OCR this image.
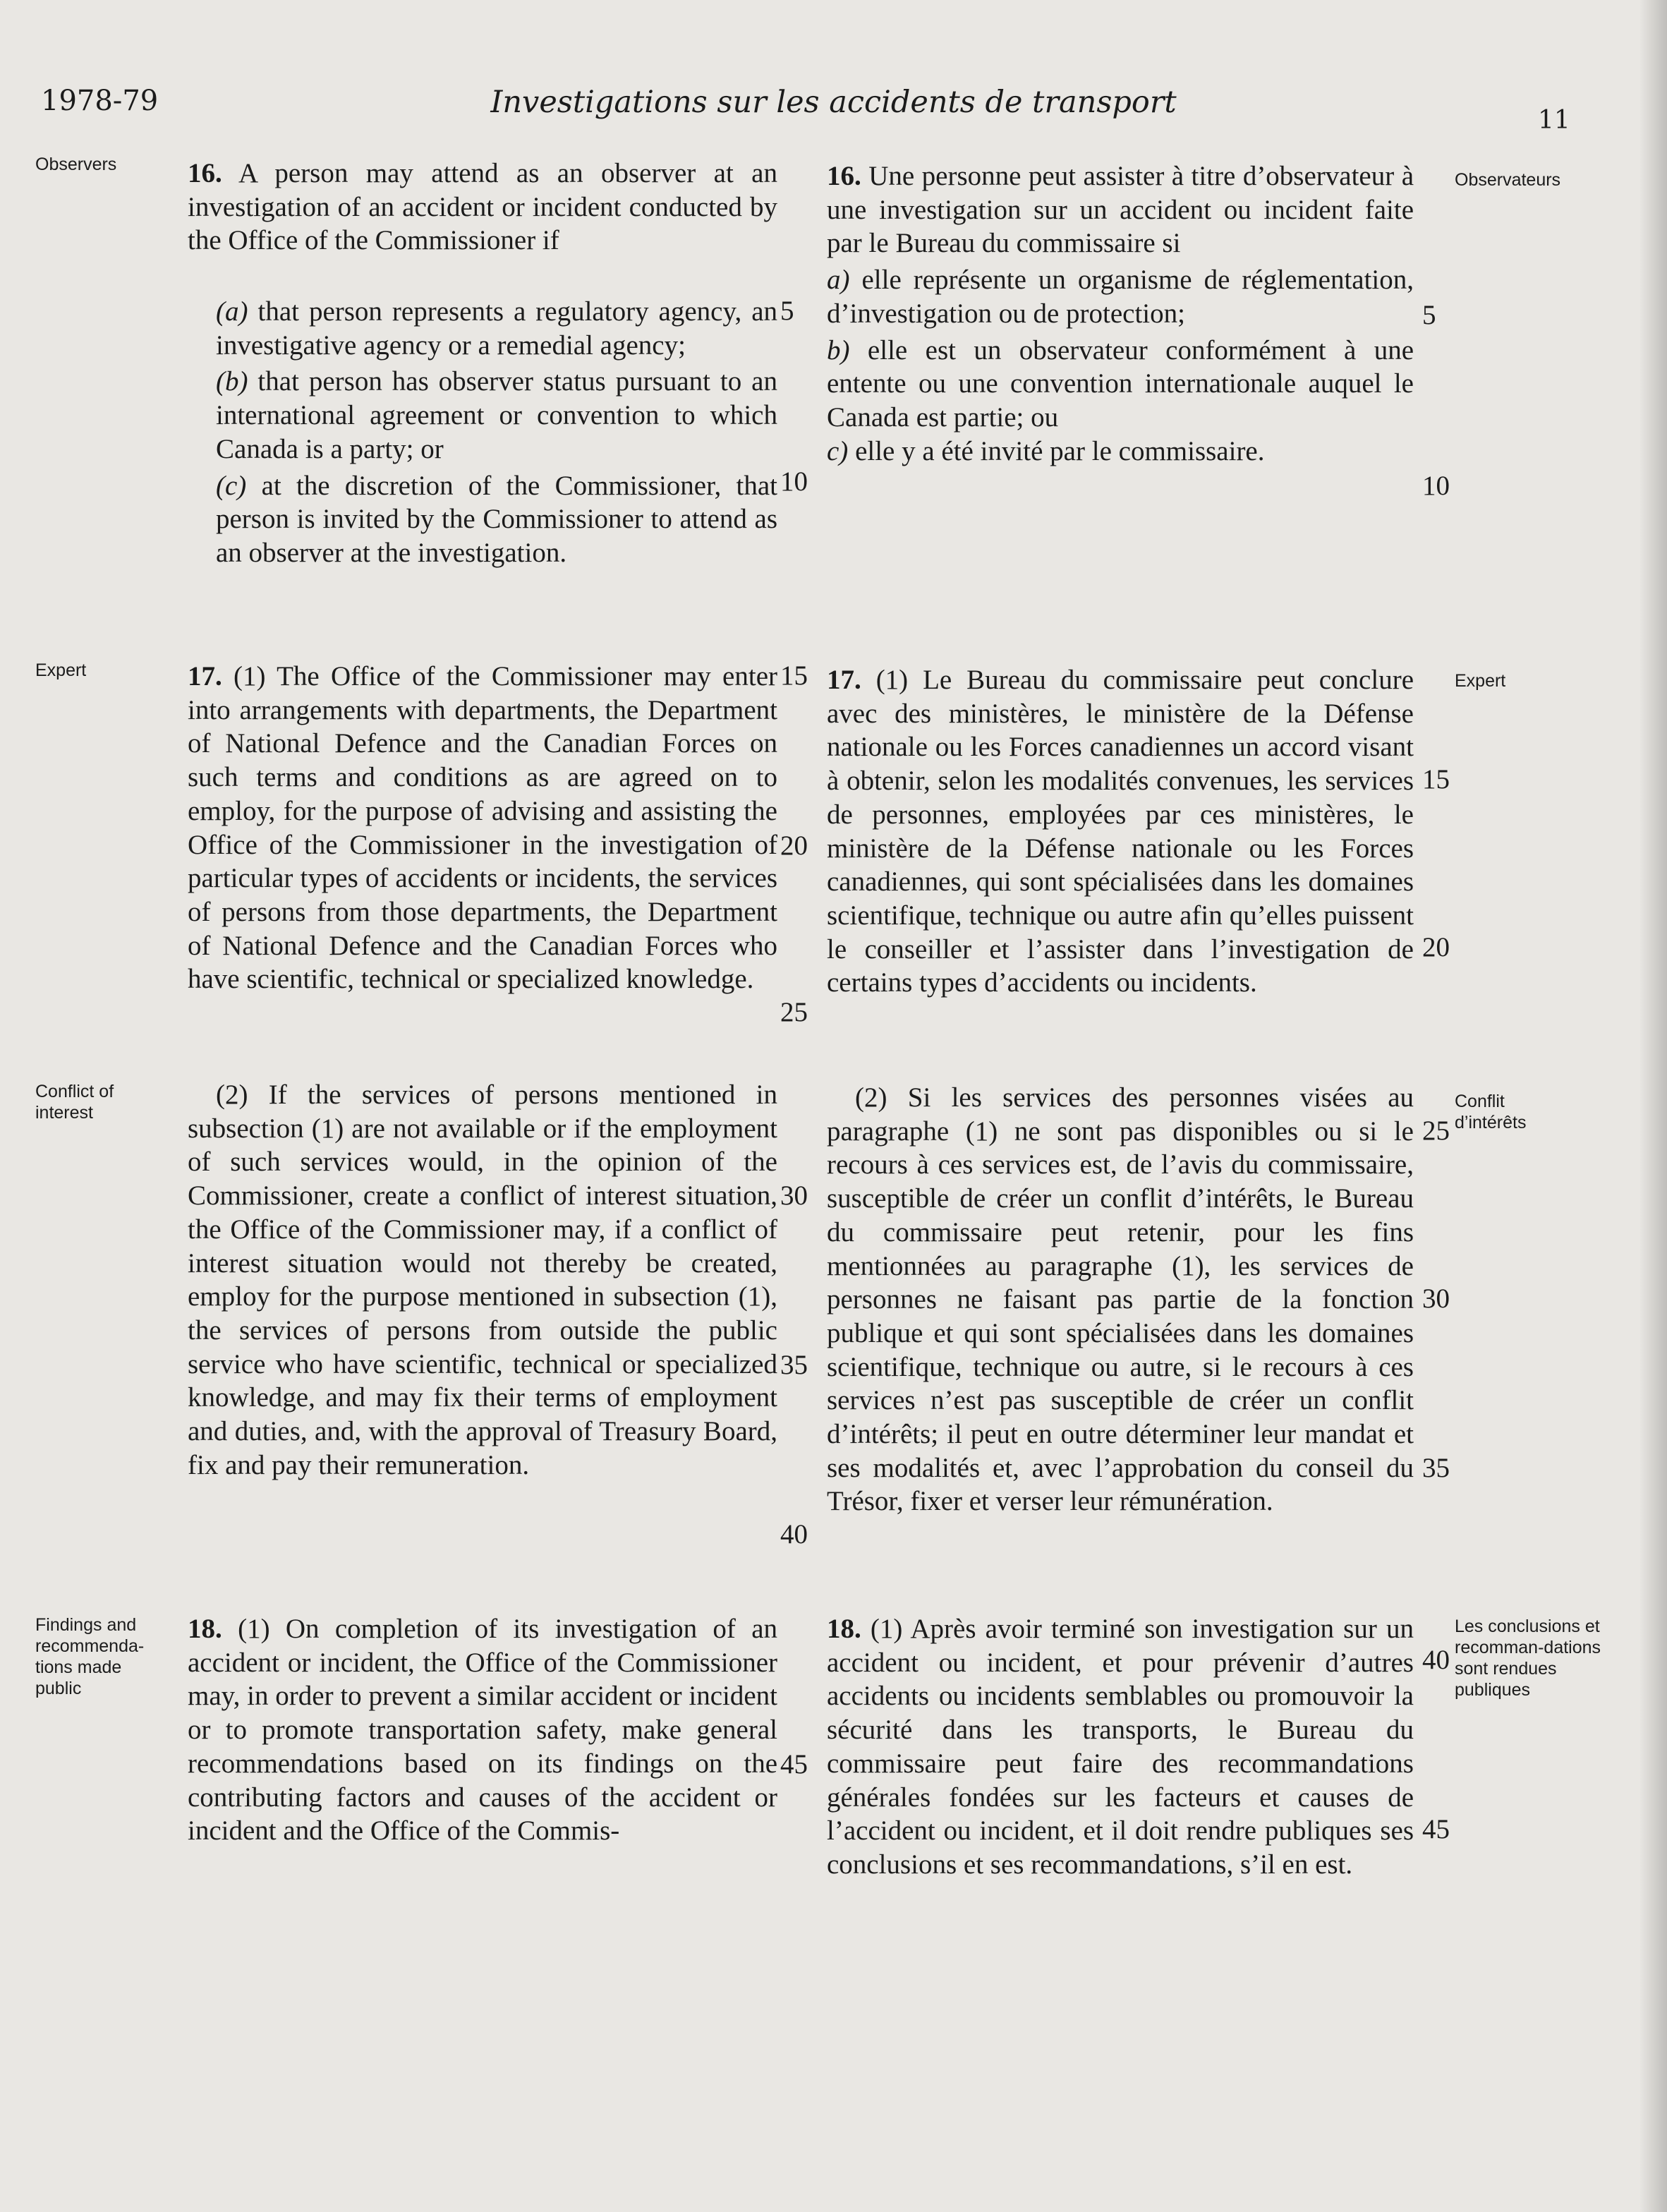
1978-79	Investigations sur les accidents de transport
11
Observers
Expert
Conflict of interest
Findings and recommenda-tions made public
Observateurs
Expert
Conflit d’intérêts
Les conclusions et recomman-dations sont rendues publiques

16. A person may attend as an observer at an investigation of an accident or incident conducted by the Office of the Commissioner if

(a) that person represents a regulatory agency, an investigative agency or a remedial agency;

(b) that person has observer status pursuant to an international agreement or convention to which Canada is a party; or

(c) at the discretion of the Commissioner, that person is invited by the Commissioner to attend as an observer at the investigation.

17. (1) The Office of the Commissioner may enter into arrangements with departments, the Department of National Defence and the Canadian Forces on such terms and conditions as are agreed on to employ, for the purpose of advising and assisting the Office of the Commissioner in the investigation of particular types of accidents or incidents, the services of persons from those departments, the Department of National Defence and the Canadian Forces who have scientific, technical or specialized knowledge.

(2) If the services of persons mentioned in subsection (1) are not available or if the employment of such services would, in the opinion of the Commissioner, create a conflict of interest situation, the Office of the Commissioner may, if a conflict of interest situation would not thereby be created, employ for the purpose mentioned in subsection (1), the services of persons from outside the public service who have scientific, technical or specialized knowledge, and may fix their terms of employment and duties, and, with the approval of Treasury Board, fix and pay their remuneration.

18. (1) On completion of its investigation of an accident or incident, the Office of the Commissioner may, in order to prevent a similar accident or incident or to promote transportation safety, make general recommendations based on its findings on the contributing factors and causes of the accident or incident and the Office of the Commis-

16. Une personne peut assister à titre d’observateur à une investigation sur un accident ou incident faite par le Bureau du commissaire si

a) elle représente un organisme de réglementation, d’investigation ou de protection;

b) elle est un observateur conformément à une entente ou une convention internationale auquel le Canada est partie; ou

c) elle y a été invité par le commissaire.

17. (1) Le Bureau du commissaire peut conclure avec des ministères, le ministère de la Défense nationale ou les Forces canadiennes un accord visant à obtenir, selon les modalités convenues, les services de personnes, employées par ces ministères, le ministère de la Défense nationale ou les Forces canadiennes, qui sont spécialisées dans les domaines scientifique, technique ou autre afin qu’elles puissent le conseiller et l’assister dans l’investigation de certains types d’accidents ou incidents.

(2) Si les services des personnes visées au paragraphe (1) ne sont pas disponibles ou si le recours à ces services est, de l’avis du commissaire, susceptible de créer un conflit d’intérêts, le Bureau du commissaire peut retenir, pour les fins mentionnées au paragraphe (1), les services de personnes ne faisant pas partie de la fonction publique et qui sont spécialisées dans les domaines scientifique, technique ou autre, si le recours à ces services n’est pas susceptible de créer un conflit d’intérêts; il peut en outre déterminer leur mandat et ses modalités et, avec l’approbation du conseil du Trésor, fixer et verser leur rémunération.

18. (1) Après avoir terminé son investigation sur un accident ou incident, et pour prévenir d’autres accidents ou incidents semblables ou promouvoir la sécurité dans les transports, le Bureau du commissaire peut faire des recommandations générales fondées sur les facteurs et causes de l’accident ou incident, et il doit rendre publiques ses conclusions et ses recommandations, s’il en est.

5
10
15
20
25
30
35
40
45
5
10
15
20
25
30
35
40
45
